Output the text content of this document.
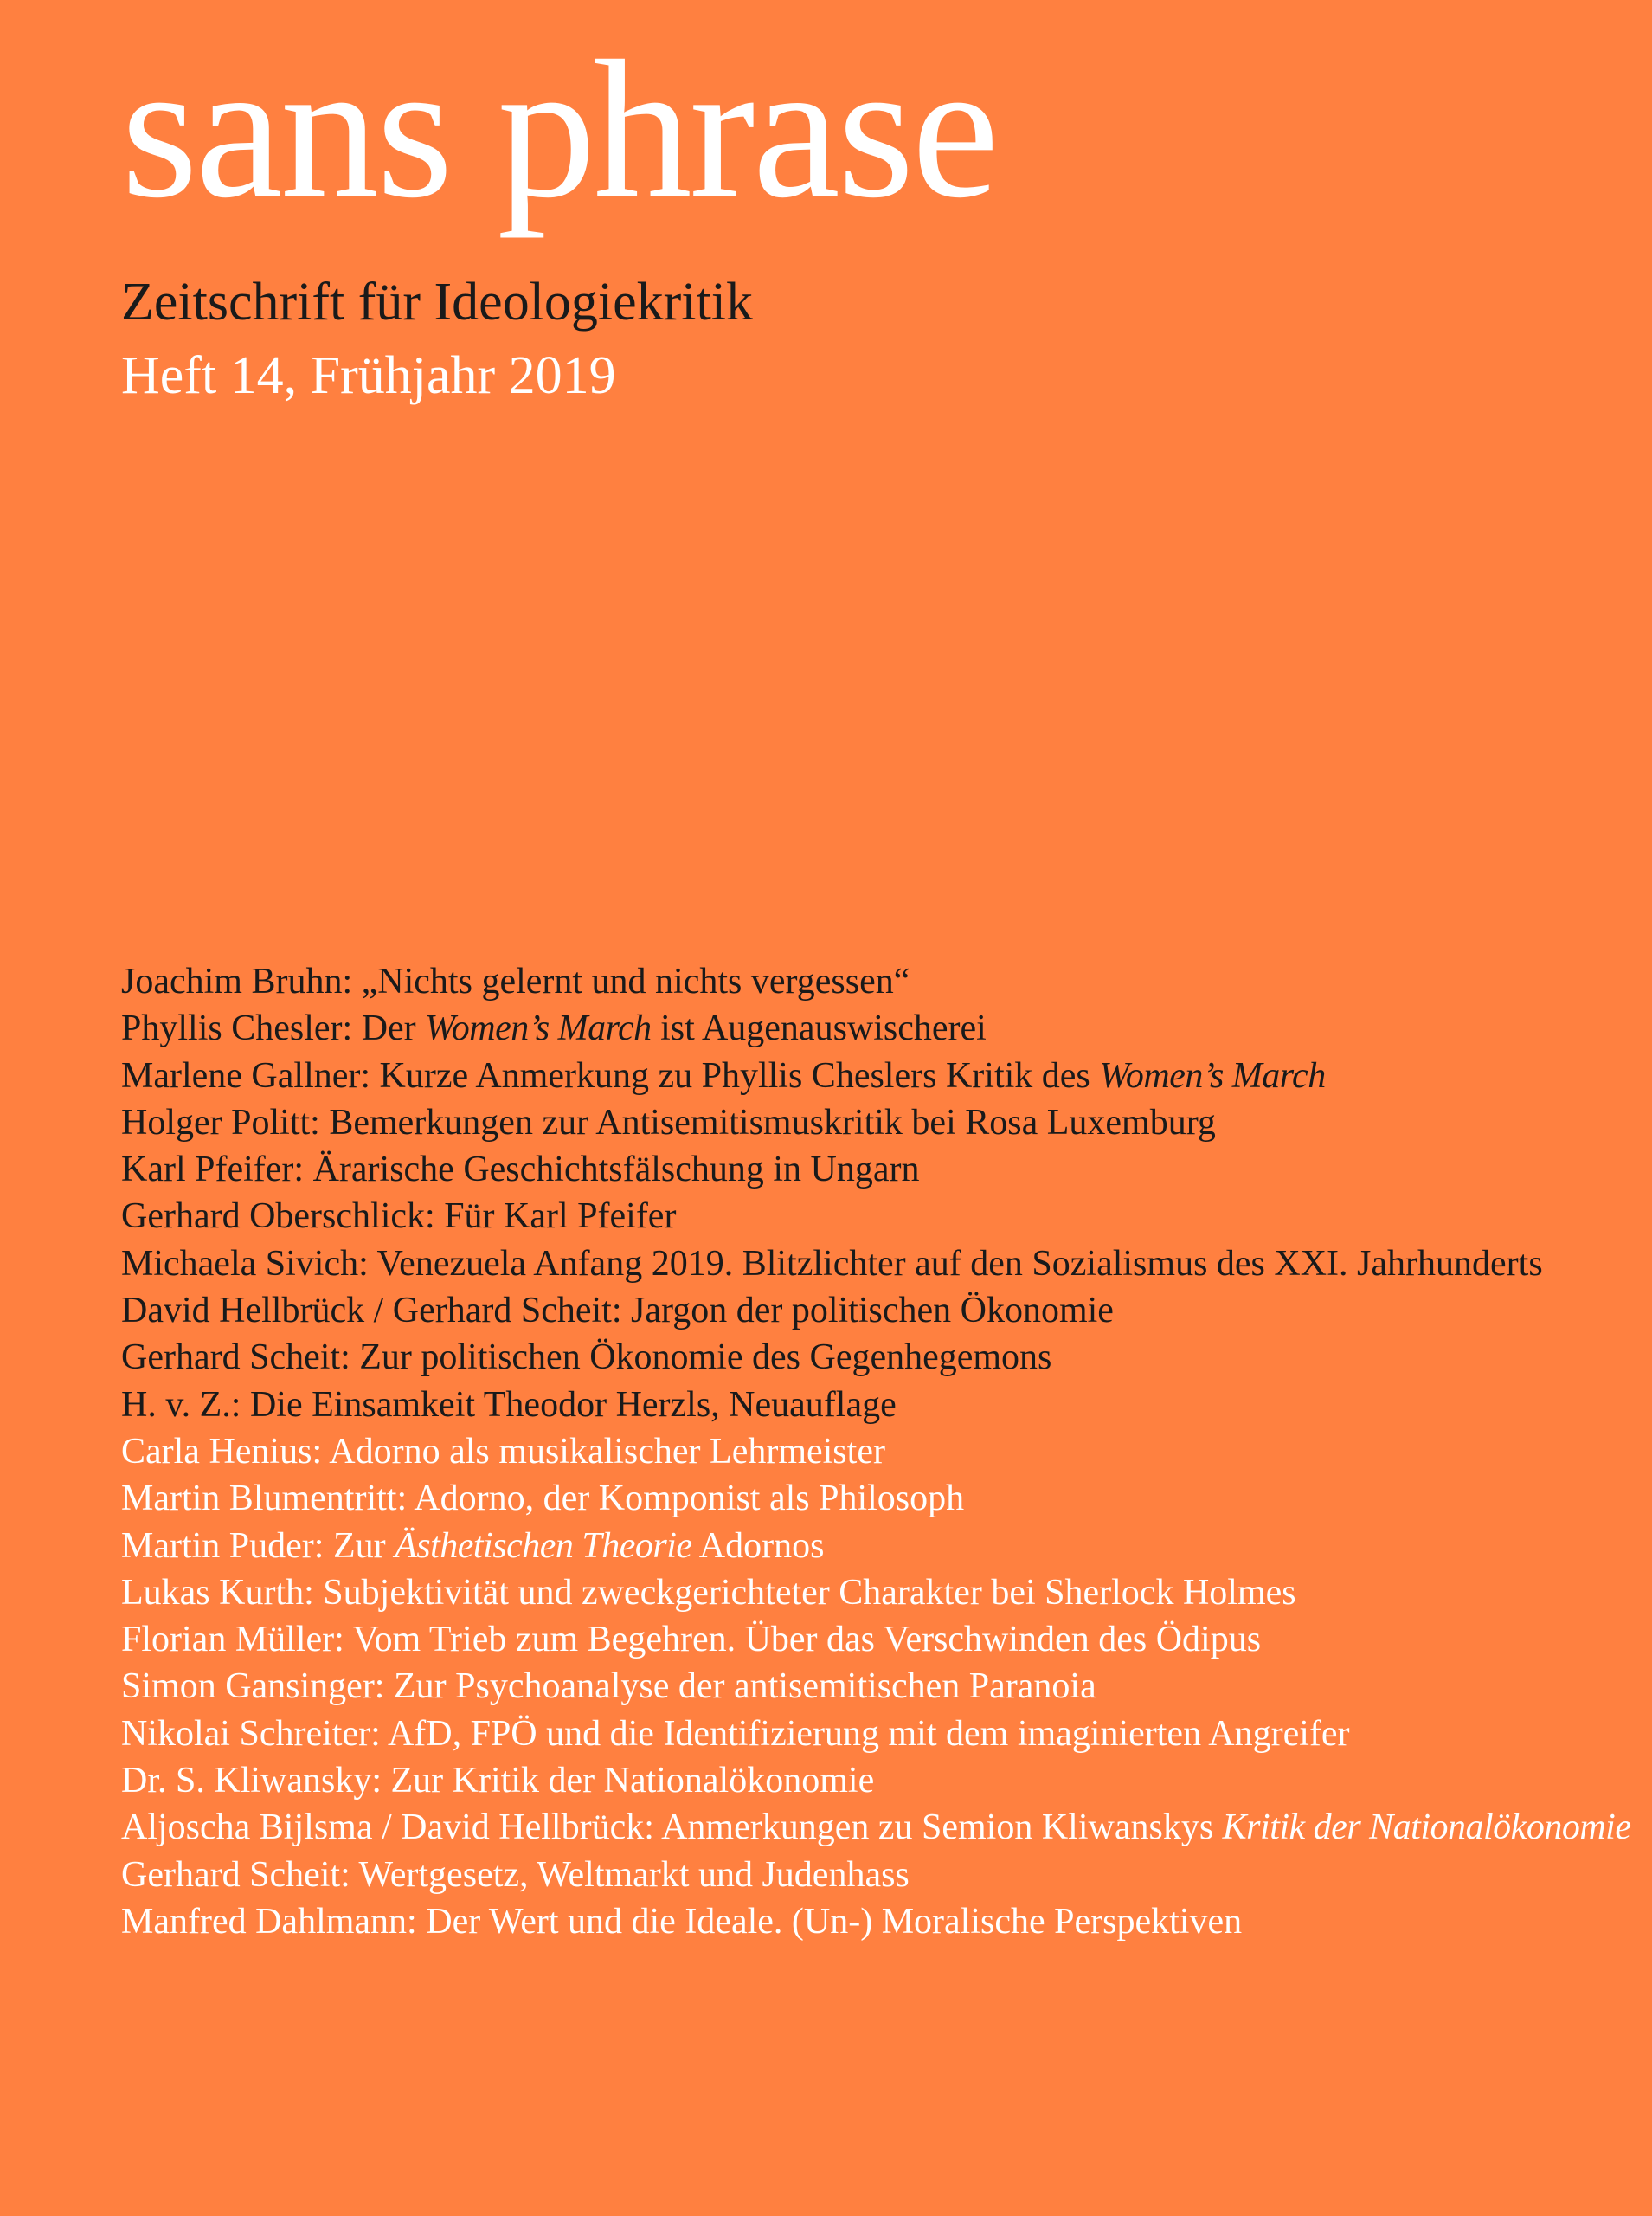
sans phrase
Zeitschrift für Ideologiekritik
Heft 14, Frühjahr 2019
Joachim Bruhn: „Nichts gelernt und nichts vergessen“
Phyllis Chesler: Der Women’s March ist Augenauswischerei
Marlene Gallner: Kurze Anmerkung zu Phyllis Cheslers Kritik des Women’s March
Holger Politt: Bemerkungen zur Antisemitismuskritik bei Rosa Luxemburg
Karl Pfeifer: Ärarische Geschichtsfälschung in Ungarn
Gerhard Oberschlick: Für Karl Pfeifer
Michaela Sivich: Venezuela Anfang 2019. Blitzlichter auf den Sozialismus des XXI. Jahrhunderts
David Hellbrück / Gerhard Scheit: Jargon der politischen Ökonomie
Gerhard Scheit: Zur politischen Ökonomie des Gegenhegemons
H. v. Z.: Die Einsamkeit Theodor Herzls, Neuauflage
Carla Henius: Adorno als musikalischer Lehrmeister
Martin Blumentritt: Adorno, der Komponist als Philosoph
Martin Puder: Zur Ästhetischen Theorie Adornos
Lukas Kurth: Subjektivität und zweckgerichteter Charakter bei Sherlock Holmes
Florian Müller: Vom Trieb zum Begehren. Über das Verschwinden des Ödipus
Simon Gansinger: Zur Psychoanalyse der antisemitischen Paranoia
Nikolai Schreiter: AfD, FPÖ und die Identifizierung mit dem imaginierten Angreifer
Dr. S. Kliwansky: Zur Kritik der Nationalökonomie
Aljoscha Bijlsma / David Hellbrück: Anmerkungen zu Semion Kliwanskys Kritik der Nationalökonomie
Gerhard Scheit: Wertgesetz, Weltmarkt und Judenhass
Manfred Dahlmann: Der Wert und die Ideale. (Un-) Moralische Perspektiven
